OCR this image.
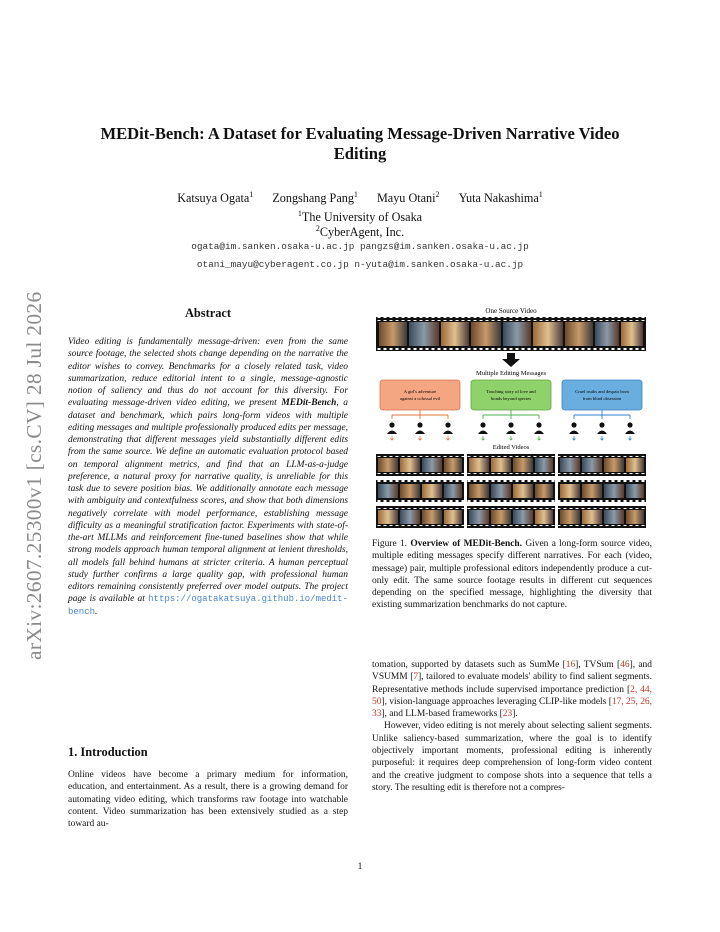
arXiv:2607.25300v1 [cs.CV] 28 Jul 2026
MEDit-Bench: A Dataset for Evaluating Message-Driven Narrative Video
Editing
Katsuya Ogata$^1$ Zongshang Pang$^1$ Mayu Otani$^2$ Yuta Nakashima$^1$
$^1$The University of Osaka
$^2$CyberAgent, Inc.
ogata@im.sanken.osaka-u.ac.jp pangzs@im.sanken.osaka-u.ac.jp
otani_mayu@cyberagent.co.jp n-yuta@im.sanken.osaka-u.ac.jp
Abstract
Video editing is fundamentally message-driven: even from the same source footage, the selected shots change depending on the narrative the editor wishes to convey. Benchmarks for a closely related task, video summarization, reduce editorial intent to a single, message-agnostic notion of saliency and thus do not account for this diversity. For evaluating message-driven video editing, we present MEDit-Bench, a dataset and benchmark, which pairs long-form videos with multiple editing messages and multiple professionally produced edits per message, demonstrating that different messages yield substantially different edits from the same source. We define an automatic evaluation protocol based on temporal alignment metrics, and find that an LLM-as-a-judge preference, a natural proxy for narrative quality, is unreliable for this task due to severe position bias. We additionally annotate each message with ambiguity and contextfulness scores, and show that both dimensions negatively correlate with model performance, establishing message difficulty as a meaningful stratification factor. Experiments with state-of-the-art MLLMs and reinforcement fine-tuned baselines show that while strong models approach human temporal alignment at lenient thresholds, all models fall behind humans at stricter criteria. A human perceptual study further confirms a large quality gap, with professional human editors remaining consistently preferred over model outputs. The project page is available at https://ogatakatsuya.github.io/medit-bench.
1. Introduction
Online videos have become a primary medium for information, education, and entertainment. As a result, there is a growing demand for automating video editing, which transforms raw footage into watchable content. Video summarization has been extensively studied as a step toward au-
One Source Video
Multiple Editing Messages
A girl's adventure
against a colossal evil
Touching story of love and
bonds beyond species
Cruel truths and despair born
from blind obsession
Edited Videos
Figure 1. Overview of MEDit-Bench. Given a long-form source video, multiple editing messages specify different narratives. For each (video, message) pair, multiple professional editors independently produce a cut-only edit. The same source footage results in different cut sequences depending on the specified message, highlighting the diversity that existing summarization benchmarks do not capture.

tomation, supported by datasets such as SumMe [16], TVSum [46], and VSUMM [7], tailored to evaluate models' ability to find salient segments. Representative methods include supervised importance prediction [2, 44, 50], vision-language approaches leveraging CLIP-like models [17, 25, 26, 33], and LLM-based frameworks [23].

However, video editing is not merely about selecting salient segments. Unlike saliency-based summarization, where the goal is to identify objectively important moments, professional editing is inherently purposeful: it requires deep comprehension of long-form video content and the creative judgment to compose shots into a sequence that tells a story. The resulting edit is therefore not a compres-

1
